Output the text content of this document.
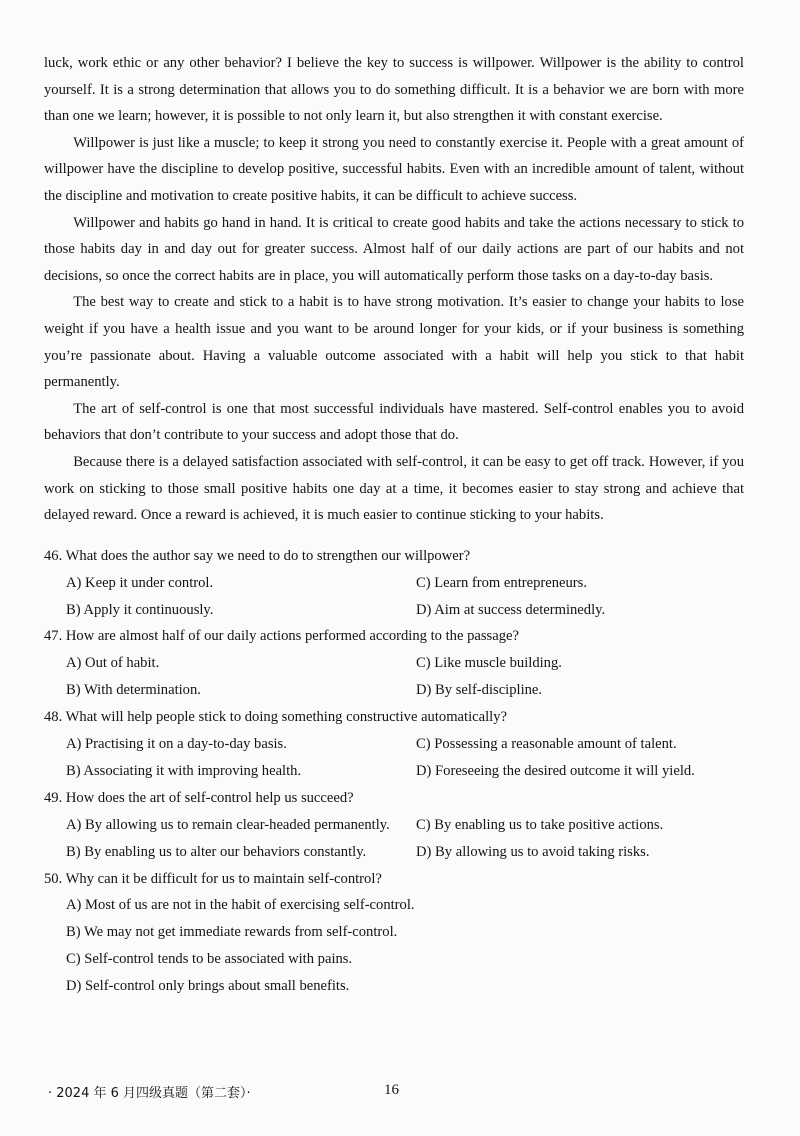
luck, work ethic or any other behavior? I believe the key to success is willpower. Willpower is the ability to control yourself. It is a strong determination that allows you to do something difficult. It is a behavior we are born with more than one we learn; however, it is possible to not only learn it, but also strengthen it with constant exercise.

Willpower is just like a muscle; to keep it strong you need to constantly exercise it. People with a great amount of willpower have the discipline to develop positive, successful habits. Even with an incredible amount of talent, without the discipline and motivation to create positive habits, it can be difficult to achieve success.

Willpower and habits go hand in hand. It is critical to create good habits and take the actions necessary to stick to those habits day in and day out for greater success. Almost half of our daily actions are part of our habits and not decisions, so once the correct habits are in place, you will automatically perform those tasks on a day-to-day basis.

The best way to create and stick to a habit is to have strong motivation. It’s easier to change your habits to lose weight if you have a health issue and you want to be around longer for your kids, or if your business is something you’re passionate about. Having a valuable outcome associated with a habit will help you stick to that habit permanently.

The art of self-control is one that most successful individuals have mastered. Self-control enables you to avoid behaviors that don’t contribute to your success and adopt those that do.

Because there is a delayed satisfaction associated with self-control, it can be easy to get off track. However, if you work on sticking to those small positive habits one day at a time, it becomes easier to stay strong and achieve that delayed reward. Once a reward is achieved, it is much easier to continue sticking to your habits.

46. What does the author say we need to do to strengthen our willpower?

A) Keep it under control.	C) Learn from entrepreneurs.
B) Apply it continuously.	D) Aim at success determinedly.

47. How are almost half of our daily actions performed according to the passage?

A) Out of habit.	C) Like muscle building.
B) With determination.	D) By self-discipline.

48. What will help people stick to doing something constructive automatically?

A) Practising it on a day-to-day basis.	C) Possessing a reasonable amount of talent.
B) Associating it with improving health.	D) Foreseeing the desired outcome it will yield.

49. How does the art of self-control help us succeed?

A) By allowing us to remain clear-headed permanently.	C) By enabling us to take positive actions.
B) By enabling us to alter our behaviors constantly.	D) By allowing us to avoid taking risks.

50. Why can it be difficult for us to maintain self-control?

A) Most of us are not in the habit of exercising self-control.
B) We may not get immediate rewards from self-control.
C) Self-control tends to be associated with pains.
D) Self-control only brings about small benefits.
· 2024 年 6 月四级真题（第二套）·	16
